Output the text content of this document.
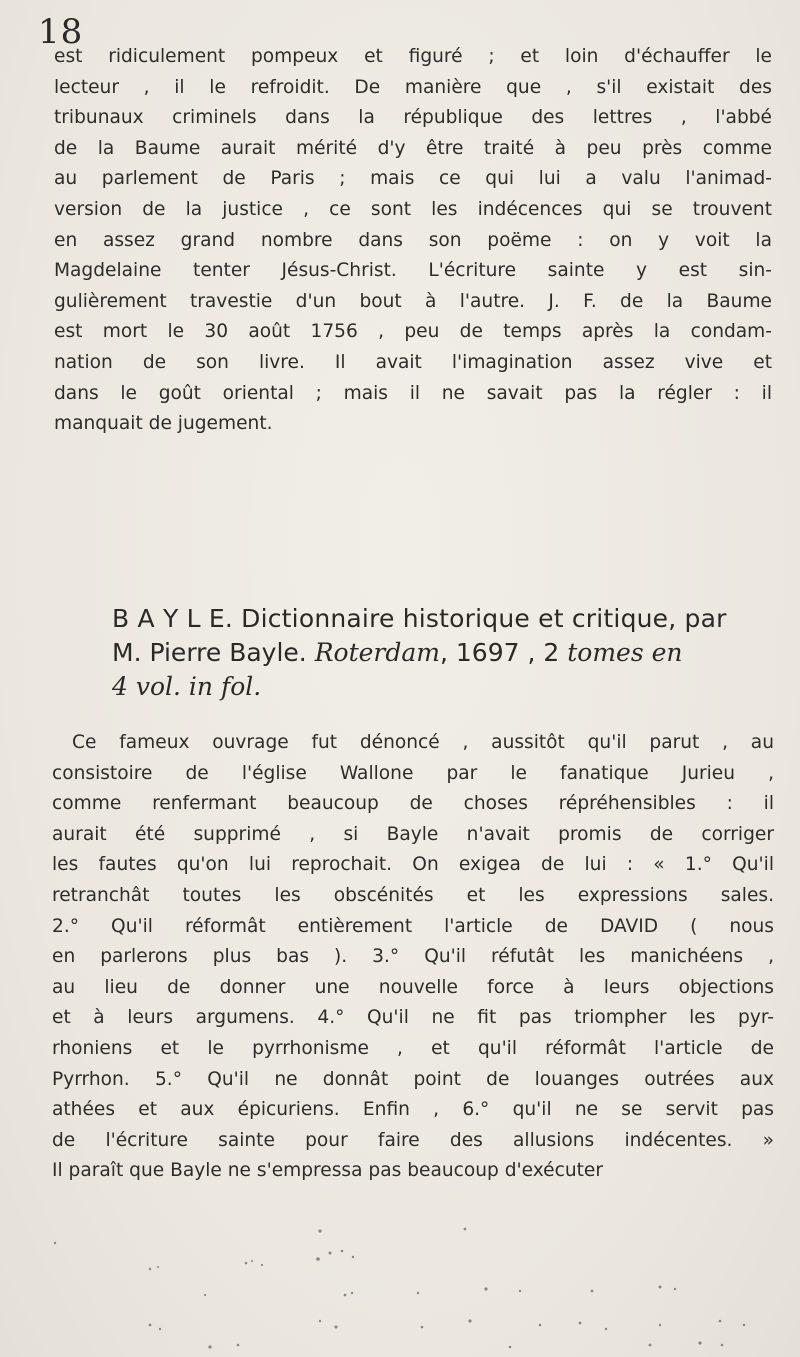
18
est ridiculement pompeux et figuré ; et loin d'échauffer le
lecteur , il le refroidit. De manière que , s'il existait des
tribunaux criminels dans la république des lettres , l'abbé
de la Baume aurait mérité d'y être traité à peu près comme
au parlement de Paris ; mais ce qui lui a valu l'animad-
version de la justice , ce sont les indécences qui se trouvent
en assez grand nombre dans son poëme : on y voit la
Magdelaine tenter Jésus-Christ. L'écriture sainte y est sin-
gulièrement travestie d'un bout à l'autre. J. F. de la Baume
est mort le 30 août 1756 , peu de temps après la condam-
nation de son livre. Il avait l'imagination assez vive et
dans le goût oriental ; mais il ne savait pas la régler : il
manquait de jugement.
B A Y L E. Dictionnaire historique et critique, par
M. Pierre Bayle. Roterdam, 1697 , 2 tomes en
4 vol. in fol.
Ce fameux ouvrage fut dénoncé , aussitôt qu'il parut , au
consistoire de l'église Wallone par le fanatique Jurieu ,
comme renfermant beaucoup de choses répréhensibles : il
aurait été supprimé , si Bayle n'avait promis de corriger
les fautes qu'on lui reprochait. On exigea de lui : « 1.° Qu'il
retranchât toutes les obscénités et les expressions sales.
2.° Qu'il réformât entièrement l'article de DAVID ( nous
en parlerons plus bas ). 3.° Qu'il réfutât les manichéens ,
au lieu de donner une nouvelle force à leurs objections
et à leurs argumens. 4.° Qu'il ne fit pas triompher les pyr-
rhoniens et le pyrrhonisme , et qu'il réformât l'article de
Pyrrhon. 5.° Qu'il ne donnât point de louanges outrées aux
athées et aux épicuriens. Enfin , 6.° qu'il ne se servit pas
de l'écriture sainte pour faire des allusions indécentes. »
Il paraît que Bayle ne s'empressa pas beaucoup d'exécuter
